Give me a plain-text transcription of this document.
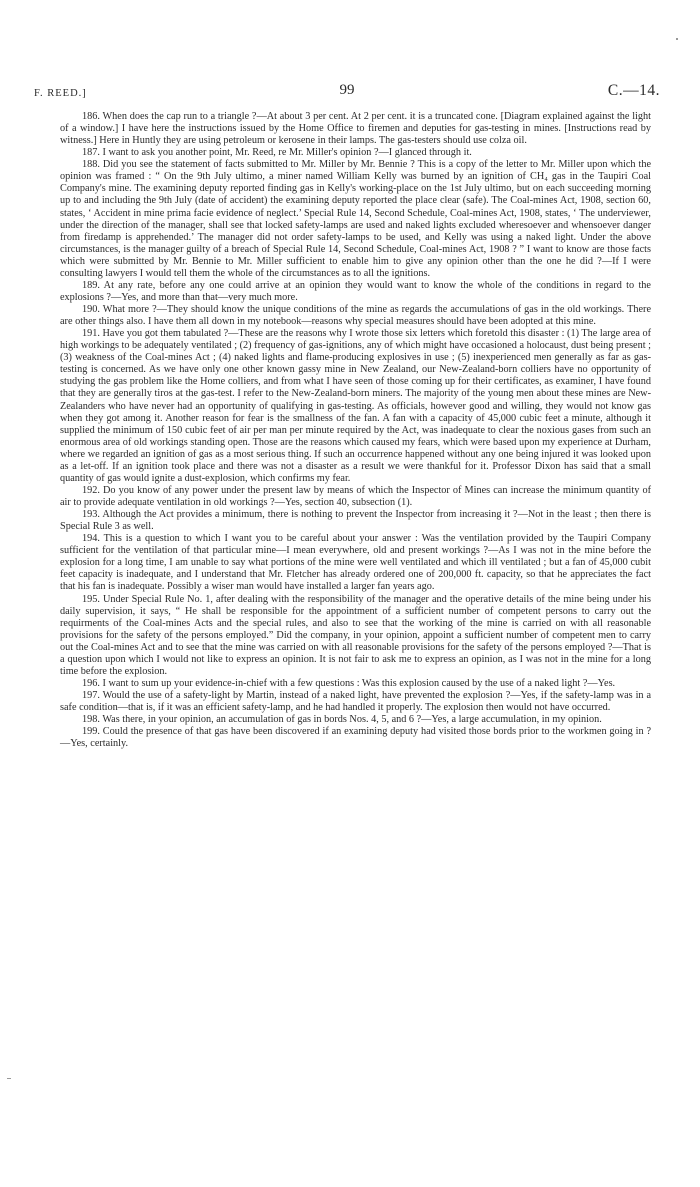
F. REED.]	99	C.—14.

186. When does the cap run to a triangle ?—At about 3 per cent. At 2 per cent. it is a truncated cone. [Diagram explained against the light of a window.] I have here the instructions issued by the Home Office to firemen and deputies for gas-testing in mines. [Instructions read by witness.] Here in Huntly they are using petroleum or kerosene in their lamps. The gas-testers should use colza oil.

187. I want to ask you another point, Mr. Reed, re Mr. Miller's opinion ?—I glanced through it.

188. Did you see the statement of facts submitted to Mr. Miller by Mr. Bennie ? This is a copy of the letter to Mr. Miller upon which the opinion was framed : “ On the 9th July ultimo, a miner named William Kelly was burned by an ignition of CH₄ gas in the Taupiri Coal Company's mine. The examining deputy reported finding gas in Kelly's working-place on the 1st July ultimo, but on each succeeding morning up to and including the 9th July (date of accident) the examining deputy reported the place clear (safe). The Coal-mines Act, 1908, section 60, states, ‘ Accident in mine prima facie evidence of neglect.’ Special Rule 14, Second Schedule, Coal-mines Act, 1908, states, ‘ The underviewer, under the direction of the manager, shall see that locked safety-lamps are used and naked lights excluded wheresoever and whensoever danger from firedamp is apprehended.’ The manager did not order safety-lamps to be used, and Kelly was using a naked light. Under the above circumstances, is the manager guilty of a breach of Special Rule 14, Second Schedule, Coal-mines Act, 1908 ? ” I want to know are those facts which were submitted by Mr. Bennie to Mr. Miller sufficient to enable him to give any opinion other than the one he did ?—If I were consulting lawyers I would tell them the whole of the circumstances as to all the ignitions.

189. At any rate, before any one could arrive at an opinion they would want to know the whole of the conditions in regard to the explosions ?—Yes, and more than that—very much more.

190. What more ?—They should know the unique conditions of the mine as regards the accumulations of gas in the old workings. There are other things also. I have them all down in my notebook—reasons why special measures should have been adopted at this mine.

191. Have you got them tabulated ?—These are the reasons why I wrote those six letters which foretold this disaster : (1) The large area of high workings to be adequately ventilated ; (2) frequency of gas-ignitions, any of which might have occasioned a holocaust, dust being present ; (3) weakness of the Coal-mines Act ; (4) naked lights and flame-producing explosives in use ; (5) inexperienced men generally as far as gas-testing is concerned. As we have only one other known gassy mine in New Zealand, our New-Zealand-born colliers have no opportunity of studying the gas problem like the Home colliers, and from what I have seen of those coming up for their certificates, as examiner, I have found that they are generally tiros at the gas-test. I refer to the New-Zealand-born miners. The majority of the young men about these mines are New-Zealanders who have never had an opportunity of qualifying in gas-testing. As officials, however good and willing, they would not know gas when they got among it. Another reason for fear is the smallness of the fan. A fan with a capacity of 45,000 cubic feet a minute, although it supplied the minimum of 150 cubic feet of air per man per minute required by the Act, was inadequate to clear the noxious gases from such an enormous area of old workings standing open. Those are the reasons which caused my fears, which were based upon my experience at Durham, where we regarded an ignition of gas as a most serious thing. If such an occurrence happened without any one being injured it was looked upon as a let-off. If an ignition took place and there was not a disaster as a result we were thankful for it. Professor Dixon has said that a small quantity of gas would ignite a dust-explosion, which confirms my fear.

192. Do you know of any power under the present law by means of which the Inspector of Mines can increase the minimum quantity of air to provide adequate ventilation in old workings ?—Yes, section 40, subsection (1).

193. Although the Act provides a minimum, there is nothing to prevent the Inspector from increasing it ?—Not in the least ; then there is Special Rule 3 as well.

194. This is a question to which I want you to be careful about your answer : Was the ventilation provided by the Taupiri Company sufficient for the ventilation of that particular mine—I mean everywhere, old and present workings ?—As I was not in the mine before the explosion for a long time, I am unable to say what portions of the mine were well ventilated and which ill ventilated ; but a fan of 45,000 cubit feet capacity is inadequate, and I understand that Mr. Fletcher has already ordered one of 200,000 ft. capacity, so that he appreciates the fact that his fan is inadequate. Possibly a wiser man would have installed a larger fan years ago.

195. Under Special Rule No. 1, after dealing with the responsibility of the manager and the operative details of the mine being under his daily supervision, it says, “ He shall be responsible for the appointment of a sufficient number of competent persons to carry out the requirments of the Coal-mines Acts and the special rules, and also to see that the working of the mine is carried on with all reasonable provisions for the safety of the persons employed.” Did the company, in your opinion, appoint a sufficient number of competent men to carry out the Coal-mines Act and to see that the mine was carried on with all reasonable provisions for the safety of the persons employed ?—That is a question upon which I would not like to express an opinion. It is not fair to ask me to express an opinion, as I was not in the mine for a long time before the explosion.

196. I want to sum up your evidence-in-chief with a few questions : Was this explosion caused by the use of a naked light ?—Yes.

197. Would the use of a safety-light by Martin, instead of a naked light, have prevented the explosion ?—Yes, if the safety-lamp was in a safe condition—that is, if it was an efficient safety-lamp, and he had handled it properly. The explosion then would not have occurred.

198. Was there, in your opinion, an accumulation of gas in bords Nos. 4, 5, and 6 ?—Yes, a large accumulation, in my opinion.

199. Could the presence of that gas have been discovered if an examining deputy had visited those bords prior to the workmen going in ?—Yes, certainly.
